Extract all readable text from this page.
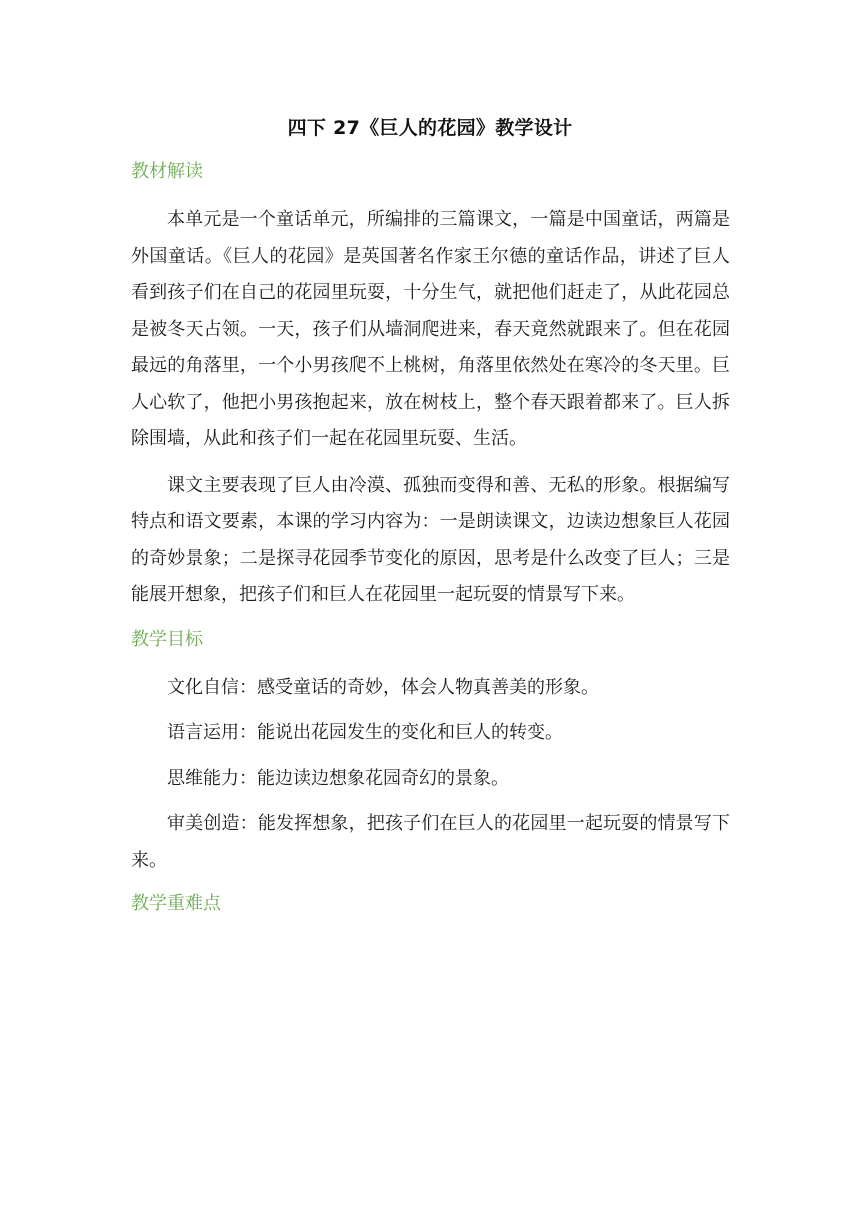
四下 27《巨人的花园》教学设计
教材解读

本单元是一个童话单元，所编排的三篇课文，一篇是中国童话，两篇是外国童话。《巨人的花园》是英国著名作家王尔德的童话作品，讲述了巨人看到孩子们在自己的花园里玩耍，十分生气，就把他们赶走了，从此花园总是被冬天占领。一天，孩子们从墙洞爬进来，春天竟然就跟来了。但在花园最远的角落里，一个小男孩爬不上桃树，角落里依然处在寒冷的冬天里。巨人心软了，他把小男孩抱起来，放在树枝上，整个春天跟着都来了。巨人拆除围墙，从此和孩子们一起在花园里玩耍、生活。

课文主要表现了巨人由冷漠、孤独而变得和善、无私的形象。根据编写特点和语文要素，本课的学习内容为：一是朗读课文，边读边想象巨人花园的奇妙景象；二是探寻花园季节变化的原因，思考是什么改变了巨人；三是能展开想象，把孩子们和巨人在花园里一起玩耍的情景写下来。

教学目标

文化自信：感受童话的奇妙，体会人物真善美的形象。

语言运用：能说出花园发生的变化和巨人的转变。

思维能力：能边读边想象花园奇幻的景象。

审美创造：能发挥想象，把孩子们在巨人的花园里一起玩耍的情景写下来。

教学重难点
